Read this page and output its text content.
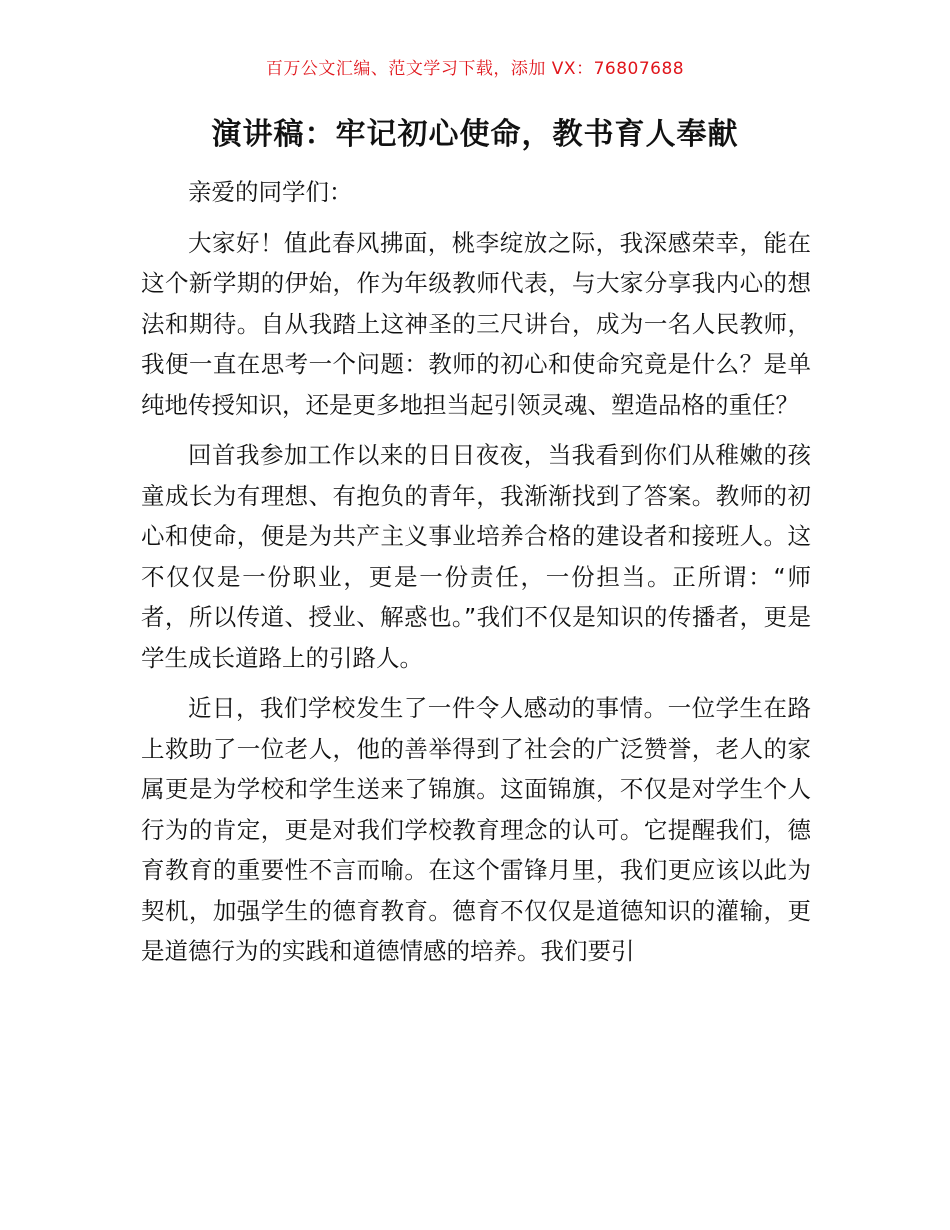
百万公文汇编、范文学习下载，添加 VX：76807688
演讲稿：牢记初心使命，教书育人奉献

亲爱的同学们：

大家好！值此春风拂面，桃李绽放之际，我深感荣幸，能在这个新学期的伊始，作为年级教师代表，与大家分享我内心的想法和期待。自从我踏上这神圣的三尺讲台，成为一名人民教师，我便一直在思考一个问题：教师的初心和使命究竟是什么？是单纯地传授知识，还是更多地担当起引领灵魂、塑造品格的重任？

回首我参加工作以来的日日夜夜，当我看到你们从稚嫩的孩童成长为有理想、有抱负的青年，我渐渐找到了答案。教师的初心和使命，便是为共产主义事业培养合格的建设者和接班人。这不仅仅是一份职业，更是一份责任，一份担当。正所谓：“师者，所以传道、授业、解惑也。”我们不仅是知识的传播者，更是学生成长道路上的引路人。

近日，我们学校发生了一件令人感动的事情。一位学生在路上救助了一位老人，他的善举得到了社会的广泛赞誉，老人的家属更是为学校和学生送来了锦旗。这面锦旗，不仅是对学生个人行为的肯定，更是对我们学校教育理念的认可。它提醒我们，德育教育的重要性不言而喻。在这个雷锋月里，我们更应该以此为契机，加强学生的德育教育。德育不仅仅是道德知识的灌输，更是道德行为的实践和道德情感的培养。我们要引
